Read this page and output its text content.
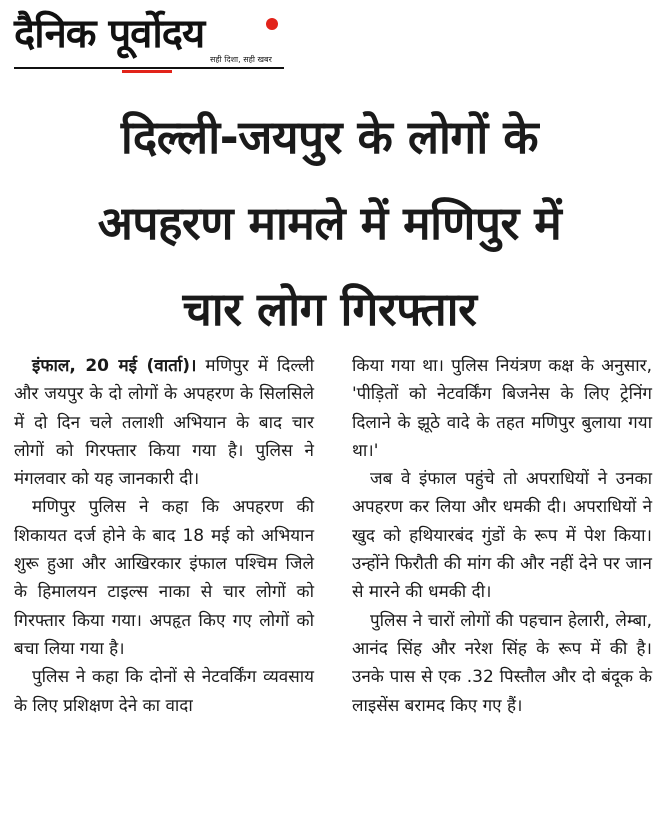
दैनिक पूर्वोदय
सही दिशा, सही खबर
दिल्ली-जयपुर के लोगों के
अपहरण मामले में मणिपुर में
चार लोग गिरफ्तार

इंफाल, 20 मई (वार्ता)। मणिपुर में दिल्ली और जयपुर के दो लोगों के अपहरण के सिलसिले में दो दिन चले तलाशी अभियान के बाद चार लोगों को गिरफ्तार किया गया है। पुलिस ने मंगलवार को यह जानकारी दी।

मणिपुर पुलिस ने कहा कि अपहरण की शिकायत दर्ज होने के बाद 18 मई को अभियान शुरू हुआ और आखिरकार इंफाल पश्चिम जिले के हिमालयन टाइल्स नाका से चार लोगों को गिरफ्तार किया गया। अपहृत किए गए लोगों को बचा लिया गया है।

पुलिस ने कहा कि दोनों से नेटवर्किंग व्यवसाय के लिए प्रशिक्षण देने का वादा

किया गया था। पुलिस नियंत्रण कक्ष के अनुसार, 'पीड़ितों को नेटवर्किंग बिजनेस के लिए ट्रेनिंग दिलाने के झूठे वादे के तहत मणिपुर बुलाया गया था।'

जब वे इंफाल पहुंचे तो अपराधियों ने उनका अपहरण कर लिया और धमकी दी। अपराधियों ने खुद को हथियारबंद गुंडों के रूप में पेश किया। उन्होंने फिरौती की मांग की और नहीं देने पर जान से मारने की धमकी दी।

पुलिस ने चारों लोगों की पहचान हेलारी, लेम्बा, आनंद सिंह और नरेश सिंह के रूप में की है। उनके पास से एक .32 पिस्तौल और दो बंदूक के लाइसेंस बरामद किए गए हैं।
